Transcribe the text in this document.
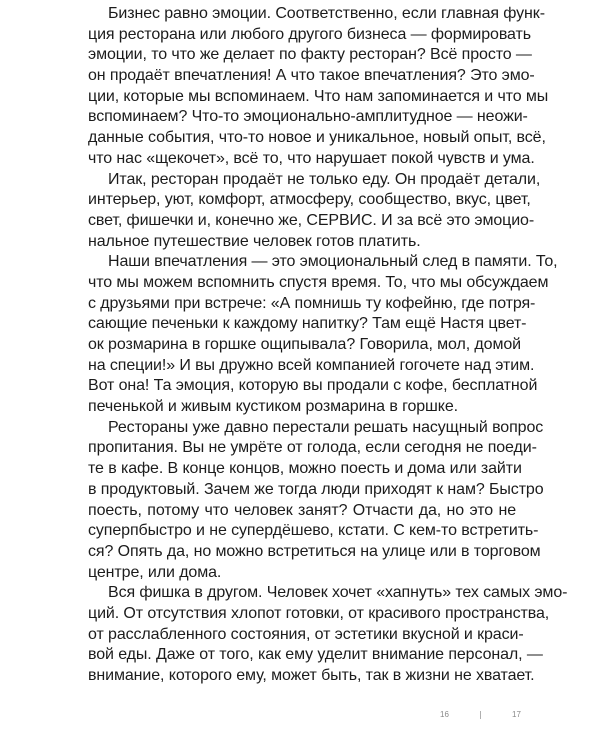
Бизнес равно эмоции. Соответственно, если главная функ-
ция ресторана или любого другого бизнеса — формировать
эмоции, то что же делает по факту ресторан? Всё просто —
он продаёт впечатления! А что такое впечатления? Это эмо-
ции, которые мы вспоминаем. Что нам запоминается и что мы
вспоминаем? Что-то эмоционально-амплитудное — неожи-
данные события, что-то новое и уникальное, новый опыт, всё,
что нас «щекочет», всё то, что нарушает покой чувств и ума.
Итак, ресторан продаёт не только еду. Он продаёт детали,
интерьер, уют, комфорт, атмосферу, сообщество, вкус, цвет,
свет, фишечки и, конечно же, СЕРВИС. И за всё это эмоцио-
нальное путешествие человек готов платить.
Наши впечатления — это эмоциональный след в памяти. То,
что мы можем вспомнить спустя время. То, что мы обсуждаем
с друзьями при встрече: «А помнишь ту кофейню, где потря-
сающие печеньки к каждому напитку? Там ещё Настя цвет-
ок розмарина в горшке ощипывала? Говорила, мол, домой
на специи!» И вы дружно всей компанией гогочете над этим.
Вот она! Та эмоция, которую вы продали с кофе, бесплатной
печенькой и живым кустиком розмарина в горшке.
Рестораны уже давно перестали решать насущный вопрос
пропитания. Вы не умрёте от голода, если сегодня не поеди-
те в кафе. В конце концов, можно поесть и дома или зайти
в продуктовый. Зачем же тогда люди приходят к нам? Быстро
поесть, потому что человек занят? Отчасти да, но это не
суперпбыстро и не супердёшево, кстати. С кем-то встретить-
ся? Опять да, но можно встретиться на улице или в торговом
центре, или дома.
Вся фишка в другом. Человек хочет «хапнуть» тех самых эмо-
ций. От отсутствия хлопот готовки, от красивого пространства,
от расслабленного состояния, от эстетики вкусной и краси-
вой еды. Даже от того, как ему уделит внимание персонал, —
внимание, которого ему, может быть, так в жизни не хватает.
16	17
